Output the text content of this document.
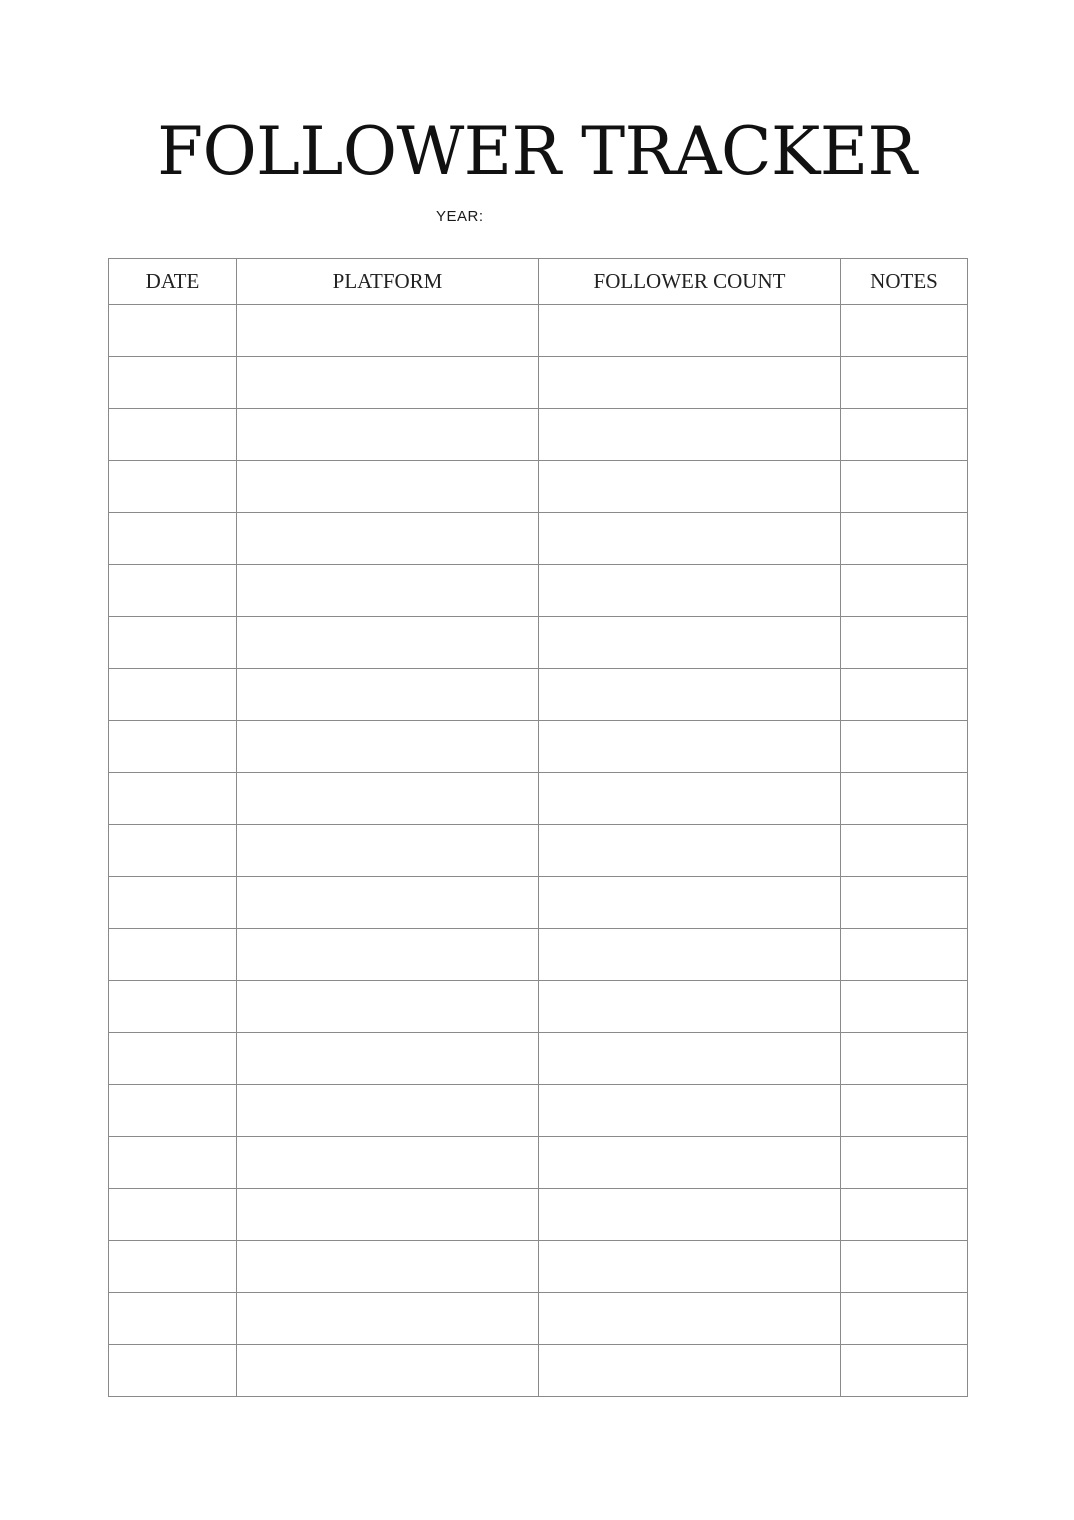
FOLLOWER TRACKER
YEAR:
DATE	PLATFORM	FOLLOWER COUNT	NOTES
